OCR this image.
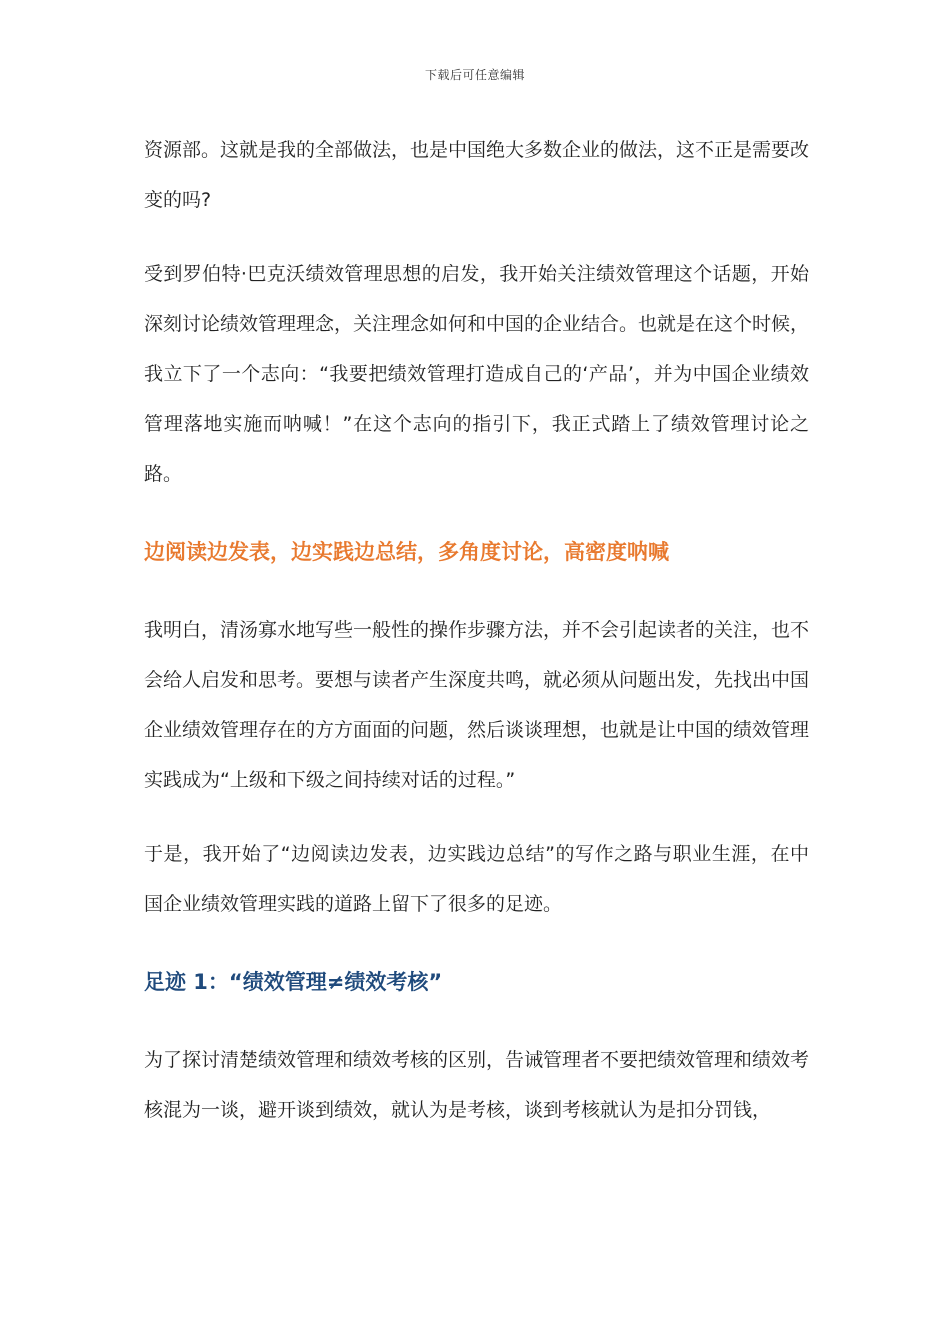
下载后可任意编辑

资源部。这就是我的全部做法，也是中国绝大多数企业的做法，这不正是需要改变的吗?

受到罗伯特·巴克沃绩效管理思想的启发，我开始关注绩效管理这个话题，开始深刻讨论绩效管理理念，关注理念如何和中国的企业结合。也就是在这个时候，我立下了一个志向：“我要把绩效管理打造成自己的‘产品’，并为中国企业绩效管理落地实施而呐喊！”在这个志向的指引下，我正式踏上了绩效管理讨论之路。

边阅读边发表，边实践边总结，多角度讨论，高密度呐喊

我明白，清汤寡水地写些一般性的操作步骤方法，并不会引起读者的关注，也不会给人启发和思考。要想与读者产生深度共鸣，就必须从问题出发，先找出中国企业绩效管理存在的方方面面的问题，然后谈谈理想，也就是让中国的绩效管理实践成为“上级和下级之间持续对话的过程。”

于是，我开始了“边阅读边发表，边实践边总结”的写作之路与职业生涯，在中国企业绩效管理实践的道路上留下了很多的足迹。

足迹 1：“绩效管理≠绩效考核”

为了探讨清楚绩效管理和绩效考核的区别，告诫管理者不要把绩效管理和绩效考核混为一谈，避开谈到绩效，就认为是考核，谈到考核就认为是扣分罚钱，
